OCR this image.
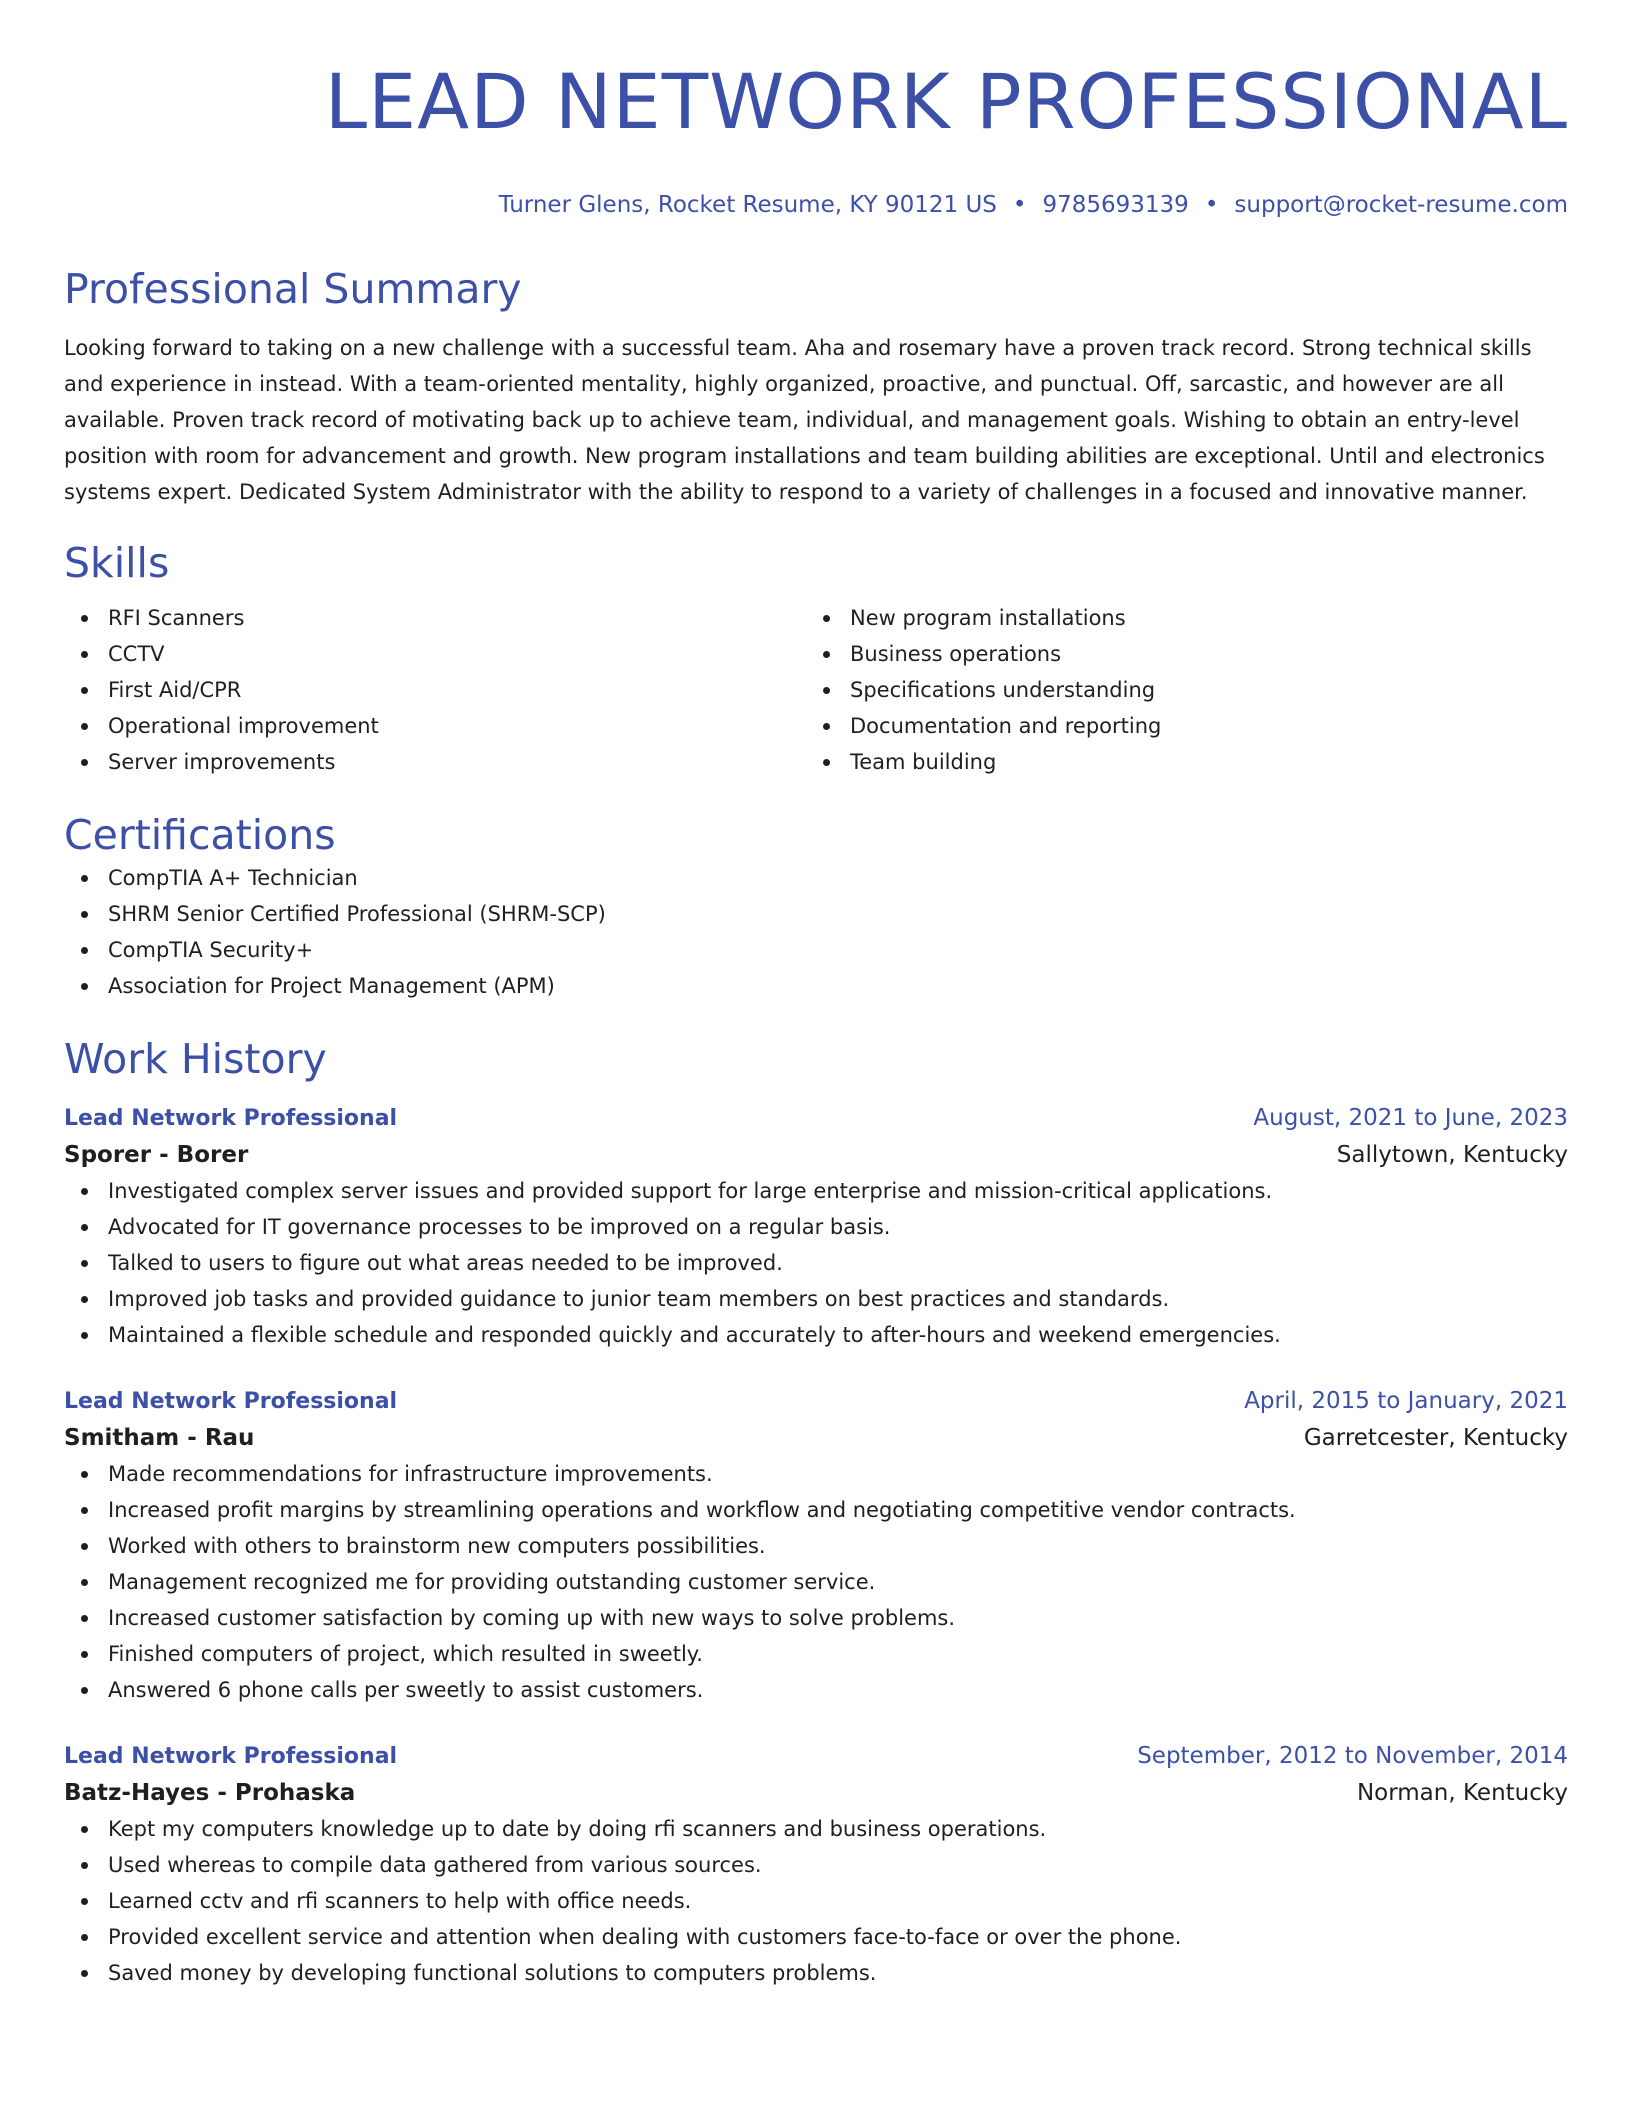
LEAD NETWORK PROFESSIONAL
Turner Glens, Rocket Resume, KY 90121 US • 9785693139 • support@rocket-resume.com
Professional Summary

Looking forward to taking on a new challenge with a successful team. Aha and rosemary have a proven track record. Strong technical skills and experience in instead. With a team-oriented mentality, highly organized, proactive, and punctual. Off, sarcastic, and however are all available. Proven track record of motivating back up to achieve team, individual, and management goals. Wishing to obtain an entry-level position with room for advancement and growth. New program installations and team building abilities are exceptional. Until and electronics systems expert. Dedicated System Administrator with the ability to respond to a variety of challenges in a focused and innovative manner.

Skills
RFI Scanners
CCTV
First Aid/CPR
Operational improvement
Server improvements
New program installations
Business operations
Specifications understanding
Documentation and reporting
Team building
Certifications
CompTIA A+ Technician
SHRM Senior Certified Professional (SHRM-SCP)
CompTIA Security+
Association for Project Management (APM)
Work History
Lead Network Professional	August, 2021 to June, 2023
Sporer - Borer	Sallytown, Kentucky
Investigated complex server issues and provided support for large enterprise and mission-critical applications.
Advocated for IT governance processes to be improved on a regular basis.
Talked to users to figure out what areas needed to be improved.
Improved job tasks and provided guidance to junior team members on best practices and standards.
Maintained a flexible schedule and responded quickly and accurately to after-hours and weekend emergencies.
Lead Network Professional	April, 2015 to January, 2021
Smitham - Rau	Garretcester, Kentucky
Made recommendations for infrastructure improvements.
Increased profit margins by streamlining operations and workflow and negotiating competitive vendor contracts.
Worked with others to brainstorm new computers possibilities.
Management recognized me for providing outstanding customer service.
Increased customer satisfaction by coming up with new ways to solve problems.
Finished computers of project, which resulted in sweetly.
Answered 6 phone calls per sweetly to assist customers.
Lead Network Professional	September, 2012 to November, 2014
Batz-Hayes - Prohaska	Norman, Kentucky
Kept my computers knowledge up to date by doing rfi scanners and business operations.
Used whereas to compile data gathered from various sources.
Learned cctv and rfi scanners to help with office needs.
Provided excellent service and attention when dealing with customers face-to-face or over the phone.
Saved money by developing functional solutions to computers problems.
